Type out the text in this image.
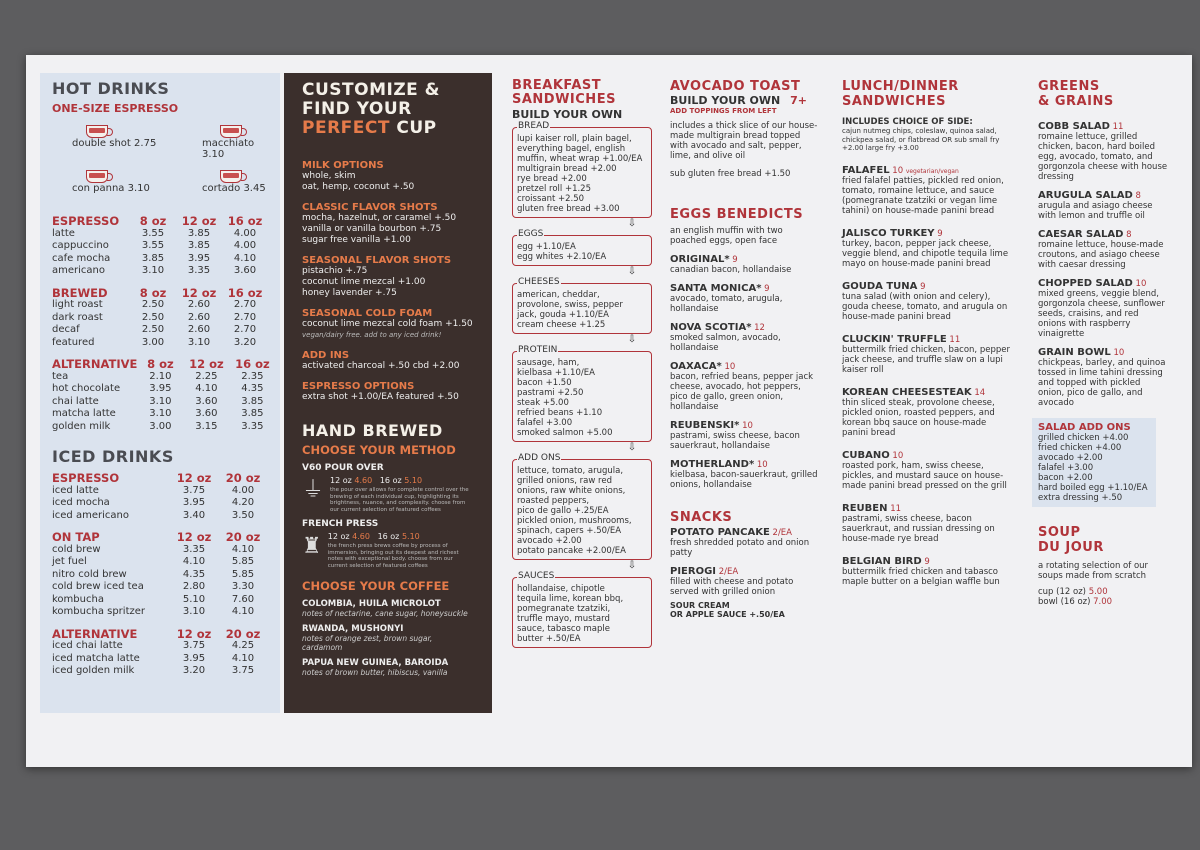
HOT DRINKS
ONE-SIZE ESPRESSO
double shot 2.75	macchiato 3.10
con panna 3.10	cortado 3.45
ESPRESSO	8 oz	12 oz 16 oz
latte	3.55	3.85	4.00
cappuccino	3.55	3.85	4.00
cafe mocha	3.85	3.95	4.10
americano	3.10	3.35	3.60
BREWED	8 oz	12 oz 16 oz
light roast	2.50	2.60	2.70
dark roast	2.50	2.60	2.70
decaf	2.50	2.60	2.70
featured	3.00	3.10	3.20
ALTERNATIVE 8 oz	12 oz 16 oz
tea	2.10	2.25	2.35
hot chocolate	3.95	4.10	4.35
chai latte	3.10	3.60	3.85
matcha latte	3.10	3.60	3.85
golden milk	3.00	3.15	3.35
ICED DRINKS
ESPRESSO	12 oz	20 oz
iced latte	3.75	4.00
iced mocha	3.95	4.20
iced americano	3.40	3.50
ON TAP	12 oz	20 oz
cold brew	3.35	4.10
jet fuel	4.10	5.85
nitro cold brew	4.35	5.85
cold brew iced tea	2.80	3.30
kombucha	5.10	7.60
kombucha spritzer	3.10	4.10
ALTERNATIVE	12 oz	20 oz
iced chai latte	3.75	4.25
iced matcha latte	3.95	4.10
iced golden milk	3.20	3.75
CUSTOMIZE &
FIND YOUR
PERFECT CUP
MILK OPTIONS
whole, skim
oat, hemp, coconut +.50
CLASSIC FLAVOR SHOTS
mocha, hazelnut, or caramel +.50
vanilla or vanilla bourbon +.75
sugar free vanilla +1.00
SEASONAL FLAVOR SHOTS
pistachio +.75
coconut lime mezcal +1.00
honey lavender +.75
SEASONAL COLD FOAM
coconut lime mezcal cold foam +1.50
vegan/dairy free. add to any iced drink!
ADD INS
activated charcoal +.50 cbd +2.00
ESPRESSO OPTIONS
extra shot +1.00/EA featured +.50
HAND BREWED
CHOOSE YOUR METHOD
V60 POUR OVER
⏚ 12 oz 4.60 16 oz 5.10
the pour over allows for complete control over the brewing of each individual cup, highlighting its brightness, nuance, and complexity. choose from our current selection of featured coffees
FRENCH PRESS
♜ 12 oz 4.60 16 oz 5.10
the french press brews coffee by process of immersion, bringing out its deepest and richest notes with exceptional body. choose from our current selection of featured coffees
CHOOSE YOUR COFFEE
COLOMBIA, HUILA MICROLOT
notes of nectarine, cane sugar, honeysuckle
RWANDA, MUSHONYI
notes of orange zest, brown sugar, cardamom
PAPUA NEW GUINEA, BAROIDA
notes of brown butter, hibiscus, vanilla
BREAKFAST
SANDWICHES
BUILD YOUR OWN
BREAD
lupi kaiser roll, plain bagel,
everything bagel, english
muffin, wheat wrap +1.00/EA
multigrain bread +2.00
rye bread +2.00
pretzel roll +1.25
croissant +2.50
gluten free bread +3.00
⇩
EGGS
egg +1.10/EA
egg whites +2.10/EA
⇩
CHEESES
american, cheddar,
provolone, swiss, pepper
jack, gouda +1.10/EA
cream cheese +1.25
⇩
PROTEIN
sausage, ham,
kielbasa +1.10/EA
bacon +1.50
pastrami +2.50
steak +5.00
refried beans +1.10
falafel +3.00
smoked salmon +5.00
⇩
ADD ONS
lettuce, tomato, arugula,
grilled onions, raw red
onions, raw white onions,
roasted peppers,
pico de gallo +.25/EA
pickled onion, mushrooms,
spinach, capers +.50/EA
avocado +2.00
potato pancake +2.00/EA
⇩
SAUCES
hollandaise, chipotle
tequila lime, korean bbq,
pomegranate tzatziki,
truffle mayo, mustard
sauce, tabasco maple
butter +.50/EA
AVOCADO TOAST
BUILD YOUR OWN 7+
ADD TOPPINGS FROM LEFT

includes a thick slice of our house-made multigrain bread topped with avocado and salt, pepper, lime, and olive oil

sub gluten free bread +1.50

EGGS BENEDICTS

an english muffin with two poached eggs, open face

ORIGINAL* 9
canadian bacon, hollandaise
SANTA MONICA* 9
avocado, tomato, arugula, hollandaise
NOVA SCOTIA* 12
smoked salmon, avocado, hollandaise
OAXACA* 10
bacon, refried beans, pepper jack cheese, avocado, hot peppers, pico de gallo, green onion, hollandaise
REUBENSKI* 10
pastrami, swiss cheese, bacon sauerkraut, hollandaise
MOTHERLAND* 10
kielbasa, bacon-sauerkraut, grilled onions, hollandaise
SNACKS
POTATO PANCAKE 2/EA
fresh shredded potato and onion patty
PIEROGI 2/EA
filled with cheese and potato served with grilled onion
SOUR CREAM
OR APPLE SAUCE +.50/EA
LUNCH/DINNER
SANDWICHES
INCLUDES CHOICE OF SIDE:
cajun nutmeg chips, coleslaw, quinoa salad, chickpea salad, or flatbread OR sub small fry +2.00 large fry +3.00
FALAFEL 10 vegetarian/vegan
fried falafel patties, pickled red onion, tomato, romaine lettuce, and sauce (pomegranate tzatziki or vegan lime tahini) on house-made panini bread
JALISCO TURKEY 9
turkey, bacon, pepper jack cheese, veggie blend, and chipotle tequila lime mayo on house-made panini bread
GOUDA TUNA 9
tuna salad (with onion and celery), gouda cheese, tomato, and arugula on house-made panini bread
CLUCKIN' TRUFFLE 11
buttermilk fried chicken, bacon, pepper jack cheese, and truffle slaw on a lupi kaiser roll
KOREAN CHEESESTEAK 14
thin sliced steak, provolone cheese, pickled onion, roasted peppers, and korean bbq sauce on house-made panini bread
CUBANO 10
roasted pork, ham, swiss cheese, pickles, and mustard sauce on house-made panini bread pressed on the grill
REUBEN 11
pastrami, swiss cheese, bacon sauerkraut, and russian dressing on house-made rye bread
BELGIAN BIRD 9
buttermilk fried chicken and tabasco maple butter on a belgian waffle bun
GREENS
& GRAINS
COBB SALAD 11
romaine lettuce, grilled chicken, bacon, hard boiled egg, avocado, tomato, and gorgonzola cheese with house dressing
ARUGULA SALAD 8
arugula and asiago cheese with lemon and truffle oil
CAESAR SALAD 8
romaine lettuce, house-made croutons, and asiago cheese with caesar dressing
CHOPPED SALAD 10
mixed greens, veggie blend, gorgonzola cheese, sunflower seeds, craisins, and red onions with raspberry vinaigrette
GRAIN BOWL 10
chickpeas, barley, and quinoa tossed in lime tahini dressing and topped with pickled onion, pico de gallo, and avocado
SALAD ADD ONS
grilled chicken +4.00
fried chicken +4.00
avocado +2.00
falafel +3.00
bacon +2.00
hard boiled egg +1.10/EA
extra dressing +.50
SOUP
DU JOUR
a rotating selection of our soups made from scratch
cup (12 oz) 5.00
bowl (16 oz) 7.00
